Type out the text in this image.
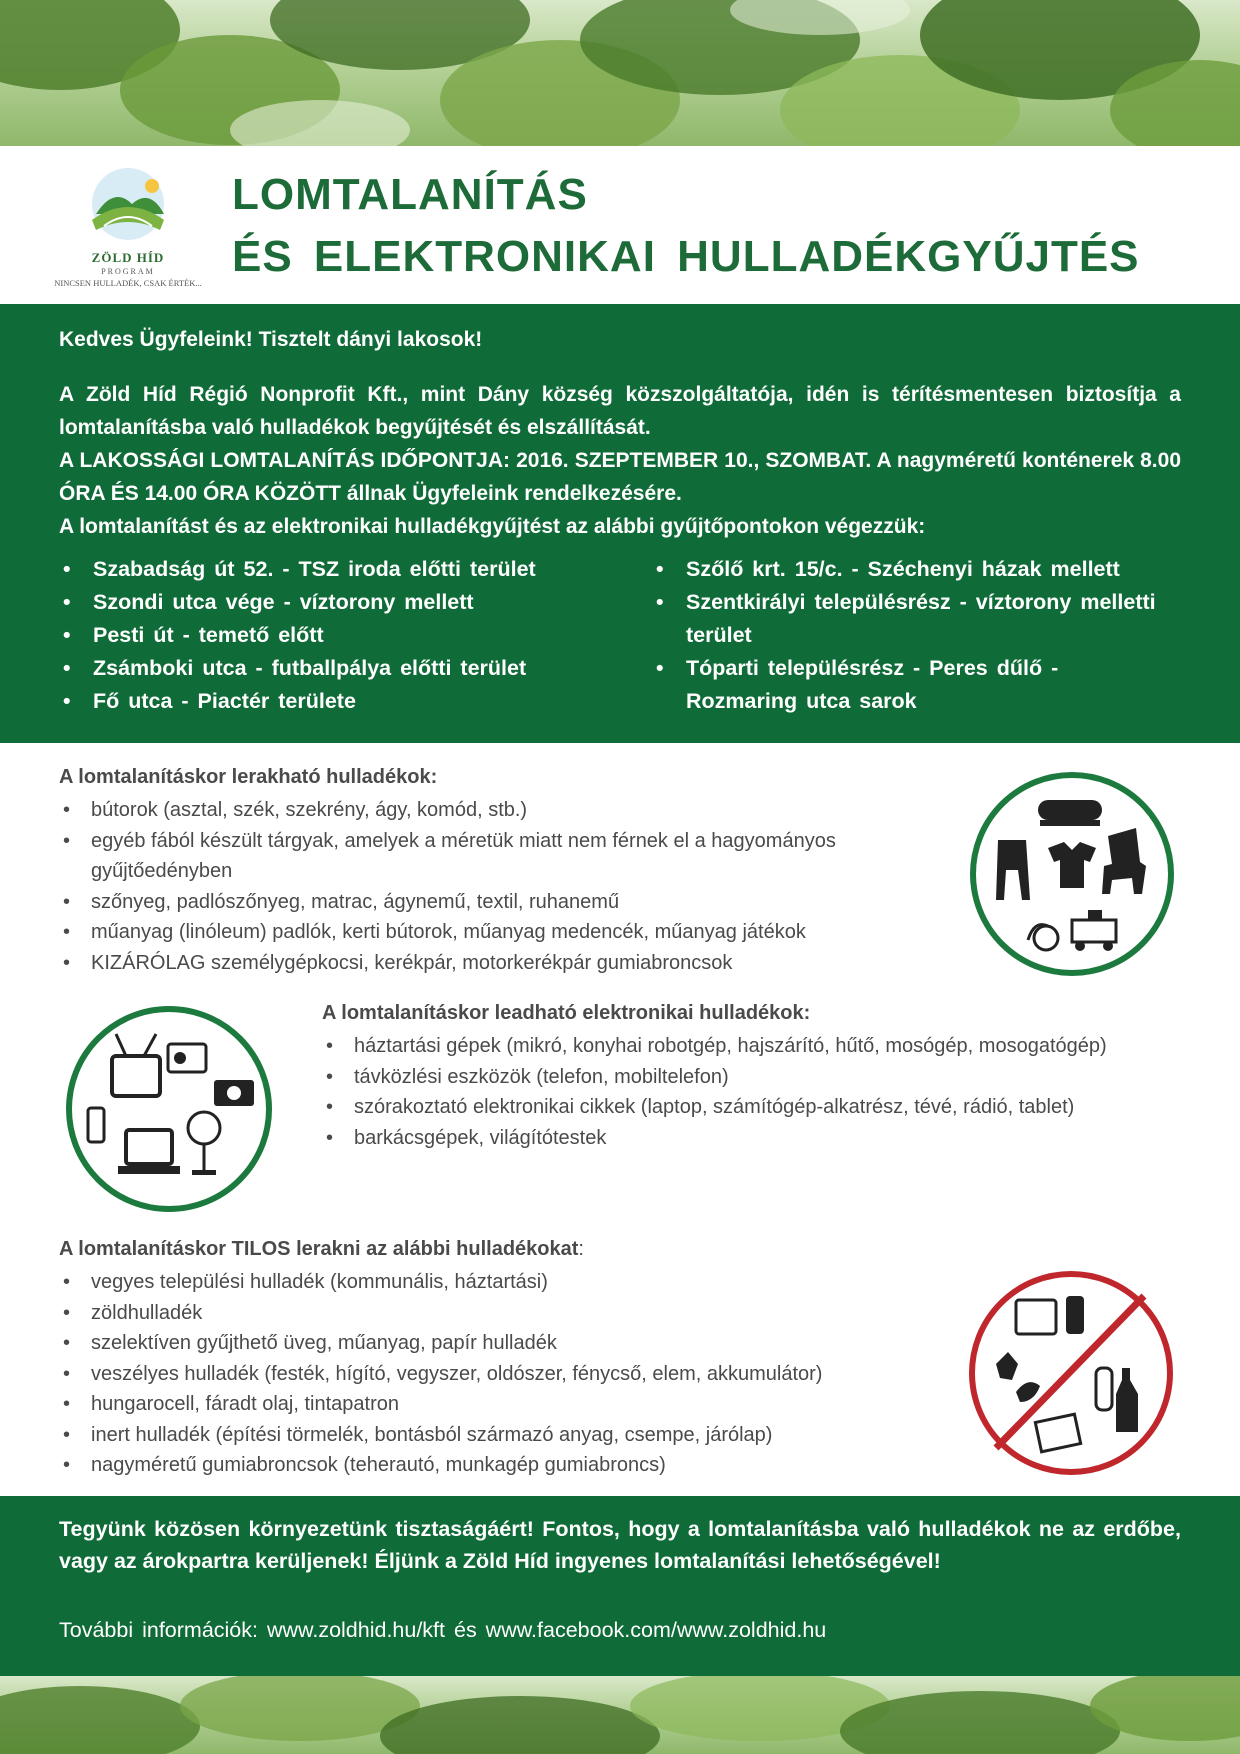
ZÖLD HÍD
PROGRAM
NINCSEN HULLADÉK, CSAK ÉRTÉK...
LOMTALANÍTÁS
ÉS ELEKTRONIKAI HULLADÉKGYŰJTÉS
Kedves Ügyfeleink! Tisztelt dányi lakosok!
A Zöld Híd Régió Nonprofit Kft., mint Dány község közszolgáltatója, idén is térítésmentesen biztosítja a lomtalanításba való hulladékok begyűjtését és elszállítását.
A LAKOSSÁGI LOMTALANÍTÁS IDŐPONTJA: 2016. SZEPTEMBER 10., SZOMBAT. A nagyméretű konténerek 8.00 ÓRA ÉS 14.00 ÓRA KÖZÖTT állnak Ügyfeleink rendelkezésére.
A lomtalanítást és az elektronikai hulladékgyűjtést az alábbi gyűjtőpontokon végezzük:
• Szabadság út 52. - TSZ iroda előtti terület
• Szondi utca vége - víztorony mellett
• Pesti út - temető előtt
• Zsámboki utca - futballpálya előtti terület
• Fő utca - Piactér területe
• Szőlő krt. 15/c. - Széchenyi házak mellett
• Szentkirályi településrész - víztorony melletti terület
• Tóparti településrész - Peres dűlő - Rozmaring utca sarok
A lomtalanításkor lerakható hulladékok:
• bútorok (asztal, szék, szekrény, ágy, komód, stb.)
• egyéb fából készült tárgyak, amelyek a méretük miatt nem férnek el a hagyományos gyűjtőedényben
• szőnyeg, padlószőnyeg, matrac, ágynemű, textil, ruhanemű
• műanyag (linóleum) padlók, kerti bútorok, műanyag medencék, műanyag játékok
• KIZÁRÓLAG személygépkocsi, kerékpár, motorkerékpár gumiabroncsok
A lomtalanításkor leadható elektronikai hulladékok:
• háztartási gépek (mikró, konyhai robotgép, hajszárító, hűtő, mosógép, mosogatógép)
• távközlési eszközök (telefon, mobiltelefon)
• szórakoztató elektronikai cikkek (laptop, számítógép-alkatrész, tévé, rádió, tablet)
• barkácsgépek, világítótestek
A lomtalanításkor TILOS lerakni az alábbi hulladékokat:
• vegyes települési hulladék (kommunális, háztartási)
• zöldhulladék
• szelektíven gyűjthető üveg, műanyag, papír hulladék
• veszélyes hulladék (festék, hígító, vegyszer, oldószer, fénycső, elem, akkumulátor)
• hungarocell, fáradt olaj, tintapatron
• inert hulladék (építési törmelék, bontásból származó anyag, csempe, járólap)
• nagyméretű gumiabroncsok (teherautó, munkagép gumiabroncs)
Tegyünk közösen környezetünk tisztaságáért! Fontos, hogy a lomtalanításba való hulladékok ne az erdőbe, vagy az árokpartra kerüljenek! Éljünk a Zöld Híd ingyenes lomtalanítási lehetőségével!
További információk: www.zoldhid.hu/kft és www.facebook.com/www.zoldhid.hu
